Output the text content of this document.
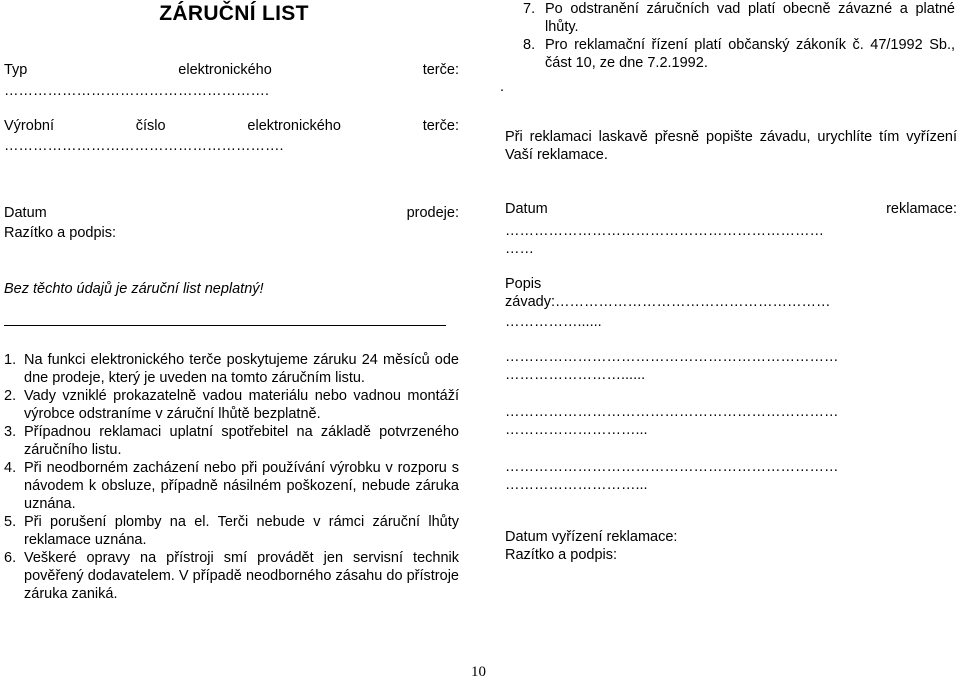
ZÁRUČNÍ LIST
Typ	elektronického	terče:
……………………………………………….
Výrobní	číslo	elektronického	terče:
………………………………………………….
Datum	prodeje:
Razítko a podpis:
Bez těchto údajů je záruční list neplatný!
1. Na funkci elektronického terče poskytujeme záruku 24 měsíců ode dne prodeje, který je uveden na tomto záručním listu.
2. Vady vzniklé prokazatelně vadou materiálu nebo vadnou montáží výrobce odstraníme v záruční lhůtě bezplatně.
3. Případnou reklamaci uplatní spotřebitel na základě potvrzeného záručního listu.
4. Při neodborném zacházení nebo při používání výrobku v rozporu s návodem k obsluze, případně násilném poškození, nebude záruka uznána.
5. Při porušení plomby na el. Terči nebude v rámci záruční lhůty reklamace uznána.
6. Veškeré opravy na přístroji smí provádět jen servisní technik pověřený dodavatelem. V případě neodborného zásahu do přístroje záruka zaniká.
7. Po odstranění záručních vad platí obecně závazné a platné lhůty.
8. Pro reklamační řízení platí občanský zákoník č. 47/1992 Sb., část 10, ze dne 7.2.1992.
.
Při reklamaci laskavě přesně popište závadu, urychlíte tím vyřízení Vaší reklamace.
Datum	reklamace:
…………………………………………………………
……
Popis
závady:…………………………………………………
……………......
……………………………………………………………
……………………......
……………………………………………………………
………………………...
……………………………………………………………
………………………...
Datum vyřízení reklamace:
Razítko a podpis:
10
